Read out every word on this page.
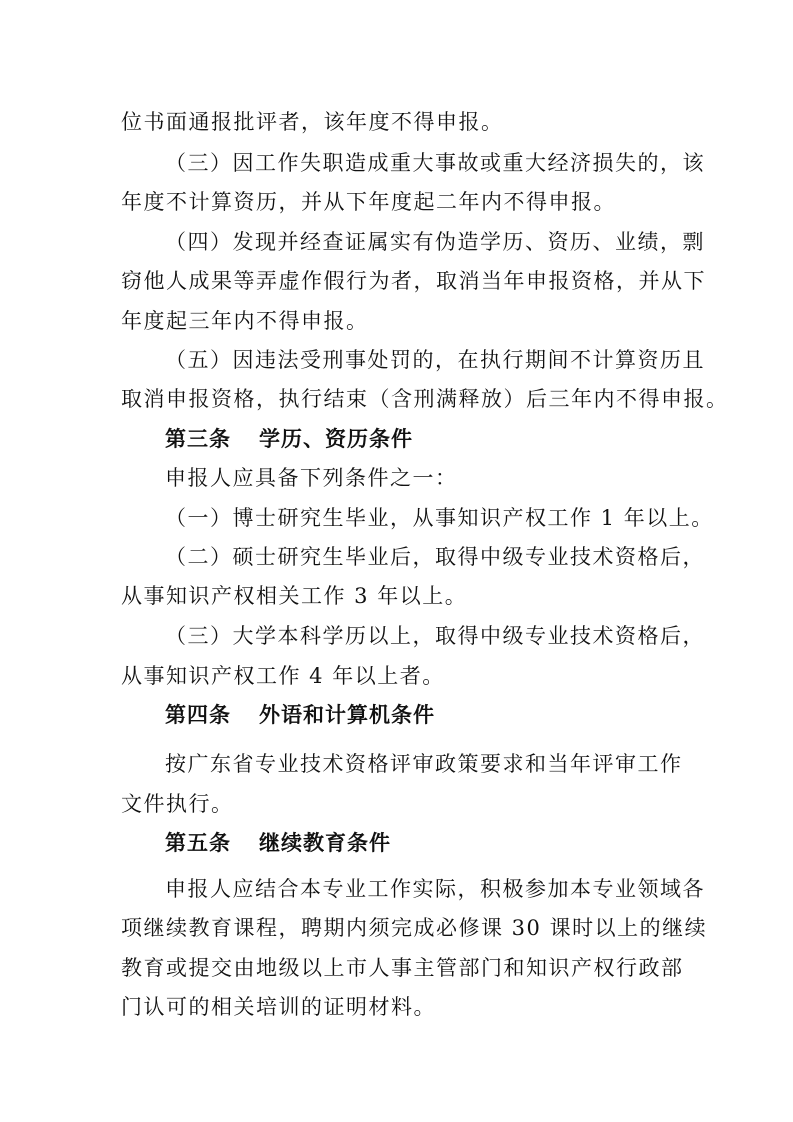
位书面通报批评者，该年度不得申报。
（三）因工作失职造成重大事故或重大经济损失的，该
年度不计算资历，并从下年度起二年内不得申报。
（四）发现并经查证属实有伪造学历、资历、业绩，剽
窃他人成果等弄虚作假行为者，取消当年申报资格，并从下
年度起三年内不得申报。
（五）因违法受刑事处罚的，在执行期间不计算资历且
取消申报资格，执行结束（含刑满释放）后三年内不得申报。
第三条 学历、资历条件
申报人应具备下列条件之一：
（一）博士研究生毕业，从事知识产权工作 1 年以上。
（二）硕士研究生毕业后，取得中级专业技术资格后，
从事知识产权相关工作 3 年以上。
（三）大学本科学历以上，取得中级专业技术资格后，
从事知识产权工作 4 年以上者。
第四条 外语和计算机条件
按广东省专业技术资格评审政策要求和当年评审工作
文件执行。
第五条 继续教育条件
申报人应结合本专业工作实际，积极参加本专业领域各
项继续教育课程，聘期内须完成必修课 30 课时以上的继续
教育或提交由地级以上市人事主管部门和知识产权行政部
门认可的相关培训的证明材料。
